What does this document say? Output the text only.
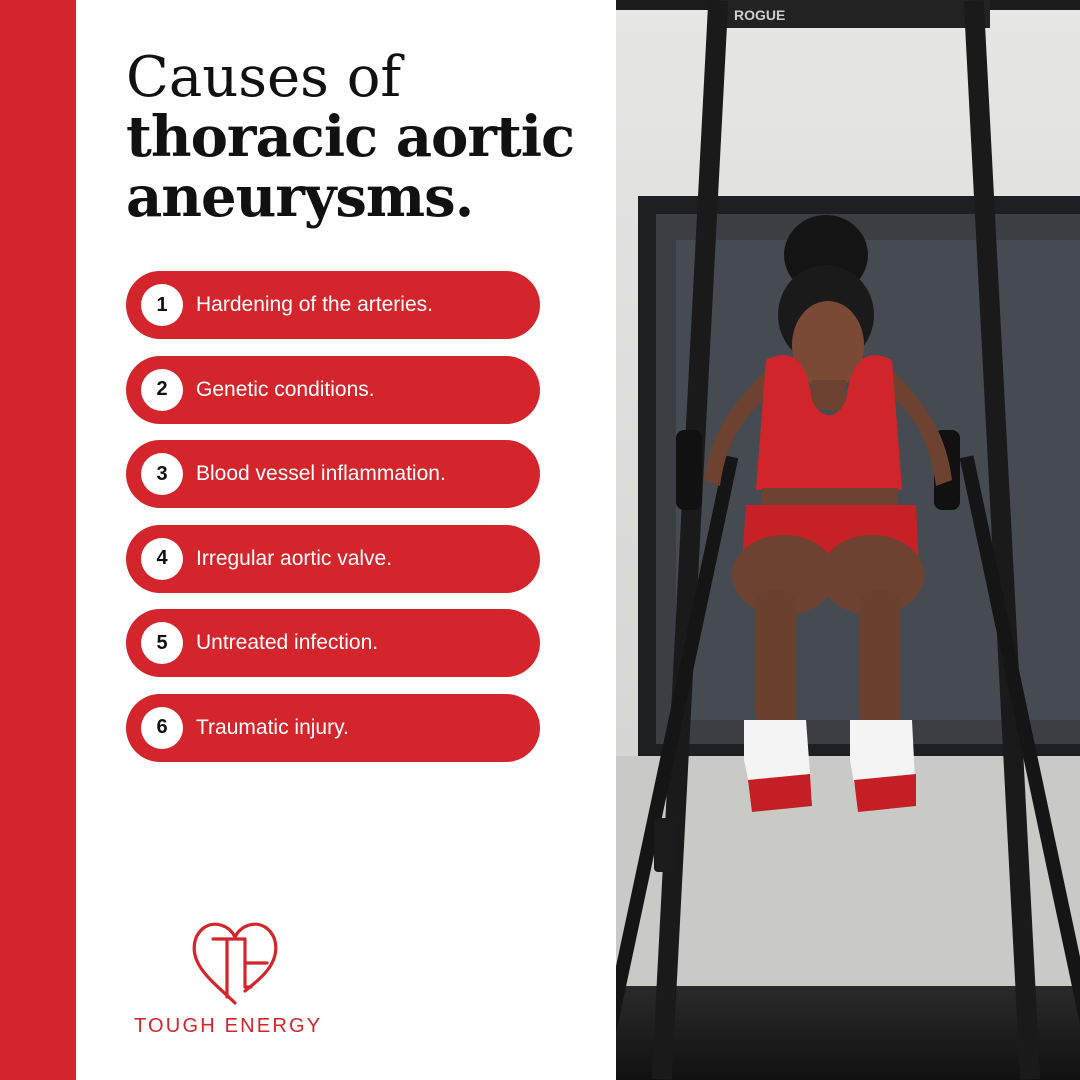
Causes of
thoracic aortic
aneurysms.
1	Hardening of the arteries.
2	Genetic conditions.
3	Blood vessel inflammation.
4	Irregular aortic valve.
5	Untreated infection.
6	Traumatic injury.
TOUGH ENERGY
ROGUE
